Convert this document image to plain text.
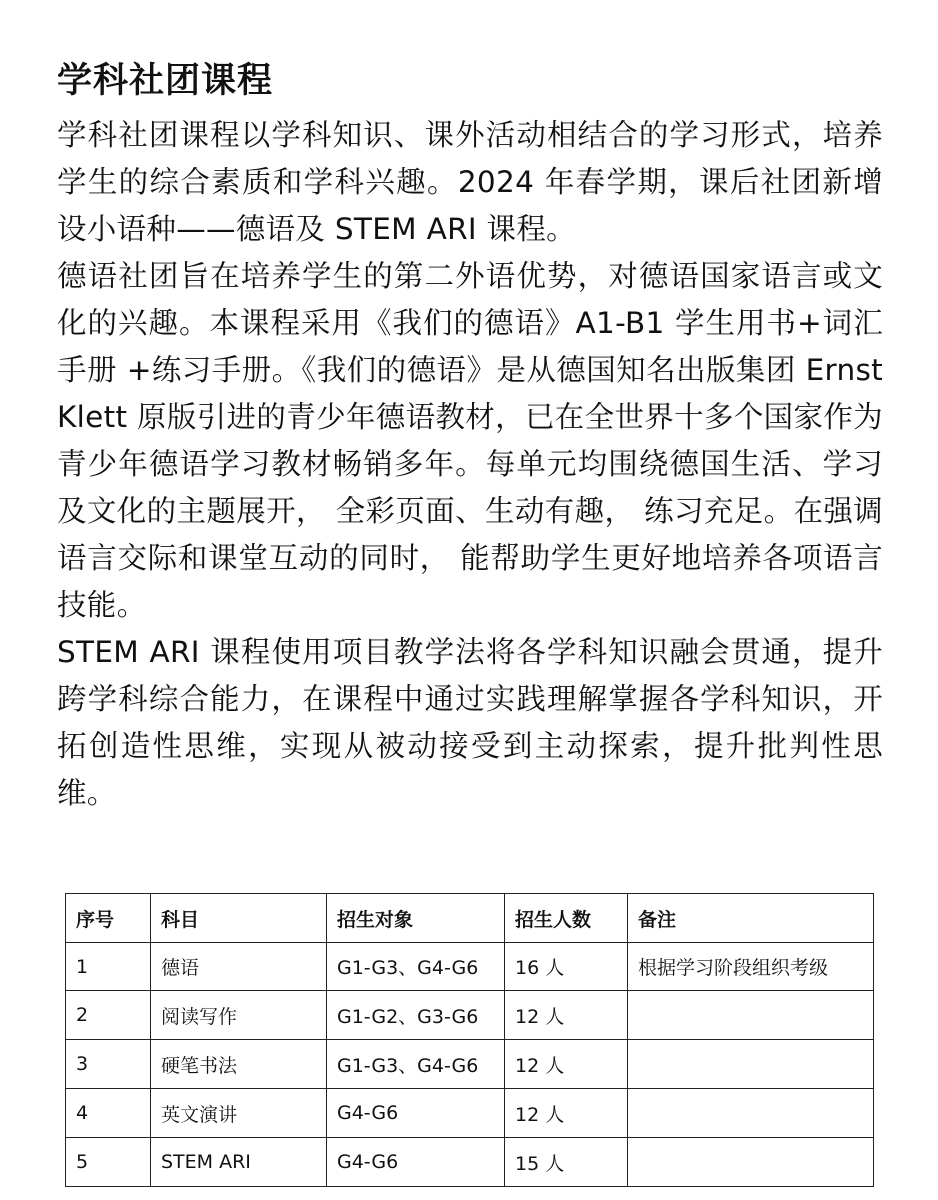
学科社团课程

学科社团课程以学科知识、课外活动相结合的学习形式，培养学生的综合素质和学科兴趣。2024 年春学期，课后社团新增设小语种——德语及 STEM ARI 课程。

德语社团旨在培养学生的第二外语优势，对德语国家语言或文化的兴趣。本课程采用《我们的德语》A1-B1 学生用书+词汇手册 +练习手册。《我们的德语》是从德国知名出版集团 Ernst Klett 原版引进的青少年德语教材，已在全世界十多个国家作为青少年德语学习教材畅销多年。每单元均围绕德国生活、学习及文化的主题展开， 全彩页面、生动有趣， 练习充足。在强调语言交际和课堂互动的同时， 能帮助学生更好地培养各项语言技能。

STEM ARI 课程使用项目教学法将各学科知识融会贯通，提升跨学科综合能力，在课程中通过实践理解掌握各学科知识，开拓创造性思维，实现从被动接受到主动探索，提升批判性思维。

序号	科目	招生对象	招生人数	备注
1	德语	G1-G3、G4-G6	16 人	根据学习阶段组织考级
2	阅读写作	G1-G2、G3-G6	12 人	
3	硬笔书法	G1-G3、G4-G6	12 人	
4	英文演讲	G4-G6	12 人	
5	STEM ARI	G4-G6	15 人	
